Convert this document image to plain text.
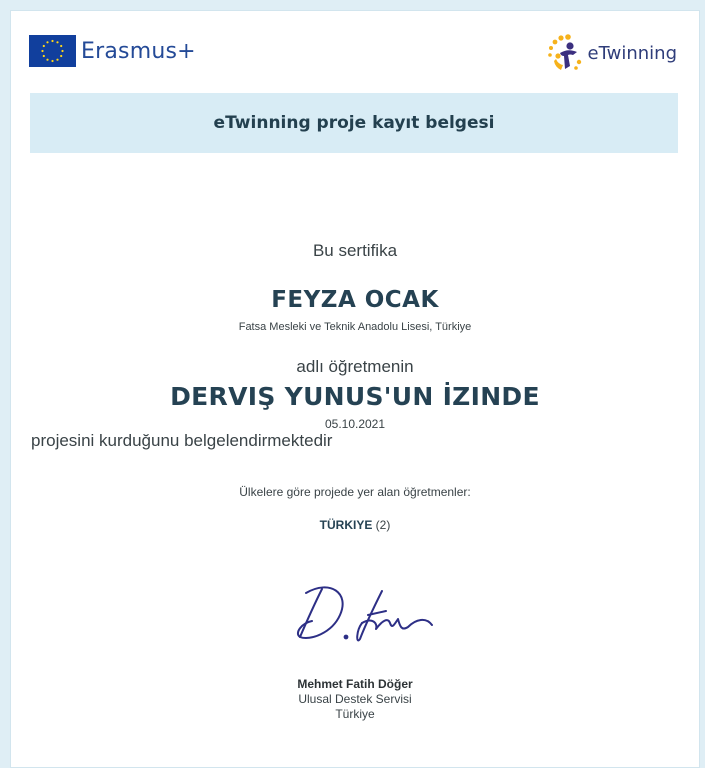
Erasmus+	eTwinning
eTwinning proje kayıt belgesi
Bu sertifika
FEYZA OCAK
Fatsa Mesleki ve Teknik Anadolu Lisesi, Türkiye
adlı öğretmenin
DERVIŞ YUNUS'UN İZINDE
05.10.2021
projesini kurduğunu belgelendirmektedir
Ülkelere göre projede yer alan öğretmenler:
TÜRKIYE (2)
Mehmet Fatih Döğer
Ulusal Destek Servisi
Türkiye
